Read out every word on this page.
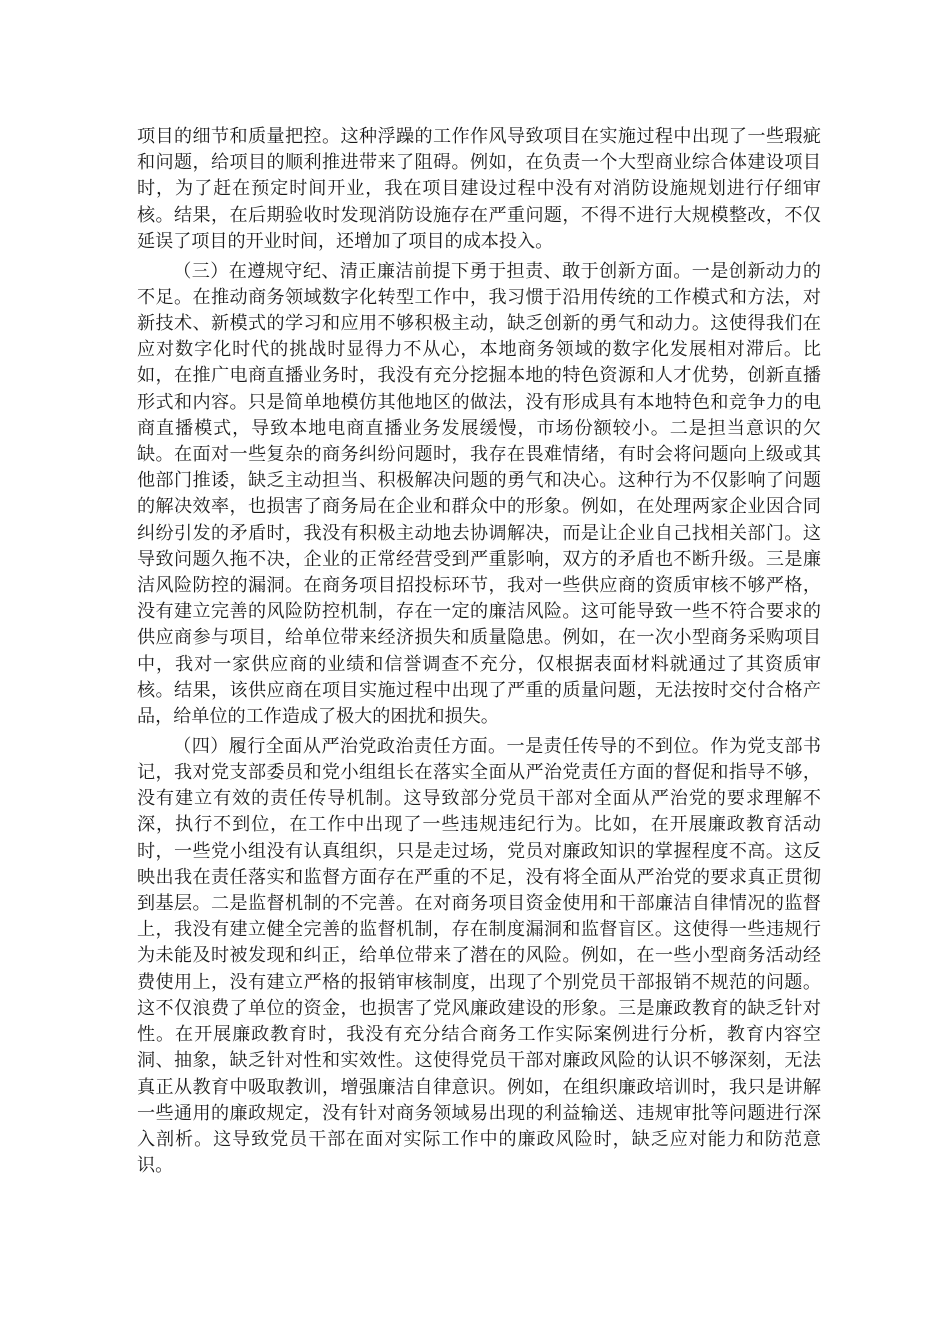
项目的细节和质量把控。这种浮躁的工作作风导致项目在实施过程中出现了一些瑕疵和问题，给项目的顺利推进带来了阻碍。例如，在负责一个大型商业综合体建设项目时，为了赶在预定时间开业，我在项目建设过程中没有对消防设施规划进行仔细审核。结果，在后期验收时发现消防设施存在严重问题，不得不进行大规模整改，不仅延误了项目的开业时间，还增加了项目的成本投入。

（三）在遵规守纪、清正廉洁前提下勇于担责、敢于创新方面。一是创新动力的不足。在推动商务领域数字化转型工作中，我习惯于沿用传统的工作模式和方法，对新技术、新模式的学习和应用不够积极主动，缺乏创新的勇气和动力。这使得我们在应对数字化时代的挑战时显得力不从心，本地商务领域的数字化发展相对滞后。比如，在推广电商直播业务时，我没有充分挖掘本地的特色资源和人才优势，创新直播形式和内容。只是简单地模仿其他地区的做法，没有形成具有本地特色和竞争力的电商直播模式，导致本地电商直播业务发展缓慢，市场份额较小。二是担当意识的欠缺。在面对一些复杂的商务纠纷问题时，我存在畏难情绪，有时会将问题向上级或其他部门推诿，缺乏主动担当、积极解决问题的勇气和决心。这种行为不仅影响了问题的解决效率，也损害了商务局在企业和群众中的形象。例如，在处理两家企业因合同纠纷引发的矛盾时，我没有积极主动地去协调解决，而是让企业自己找相关部门。这导致问题久拖不决，企业的正常经营受到严重影响，双方的矛盾也不断升级。三是廉洁风险防控的漏洞。在商务项目招投标环节，我对一些供应商的资质审核不够严格，没有建立完善的风险防控机制，存在一定的廉洁风险。这可能导致一些不符合要求的供应商参与项目，给单位带来经济损失和质量隐患。例如，在一次小型商务采购项目中，我对一家供应商的业绩和信誉调查不充分，仅根据表面材料就通过了其资质审核。结果，该供应商在项目实施过程中出现了严重的质量问题，无法按时交付合格产品，给单位的工作造成了极大的困扰和损失。

（四）履行全面从严治党政治责任方面。一是责任传导的不到位。作为党支部书记，我对党支部委员和党小组组长在落实全面从严治党责任方面的督促和指导不够，没有建立有效的责任传导机制。这导致部分党员干部对全面从严治党的要求理解不深，执行不到位，在工作中出现了一些违规违纪行为。比如，在开展廉政教育活动时，一些党小组没有认真组织，只是走过场，党员对廉政知识的掌握程度不高。这反映出我在责任落实和监督方面存在严重的不足，没有将全面从严治党的要求真正贯彻到基层。二是监督机制的不完善。在对商务项目资金使用和干部廉洁自律情况的监督上，我没有建立健全完善的监督机制，存在制度漏洞和监督盲区。这使得一些违规行为未能及时被发现和纠正，给单位带来了潜在的风险。例如，在一些小型商务活动经费使用上，没有建立严格的报销审核制度，出现了个别党员干部报销不规范的问题。这不仅浪费了单位的资金，也损害了党风廉政建设的形象。三是廉政教育的缺乏针对性。在开展廉政教育时，我没有充分结合商务工作实际案例进行分析，教育内容空洞、抽象，缺乏针对性和实效性。这使得党员干部对廉政风险的认识不够深刻，无法真正从教育中吸取教训，增强廉洁自律意识。例如，在组织廉政培训时，我只是讲解一些通用的廉政规定，没有针对商务领域易出现的利益输送、违规审批等问题进行深入剖析。这导致党员干部在面对实际工作中的廉政风险时，缺乏应对能力和防范意识。
